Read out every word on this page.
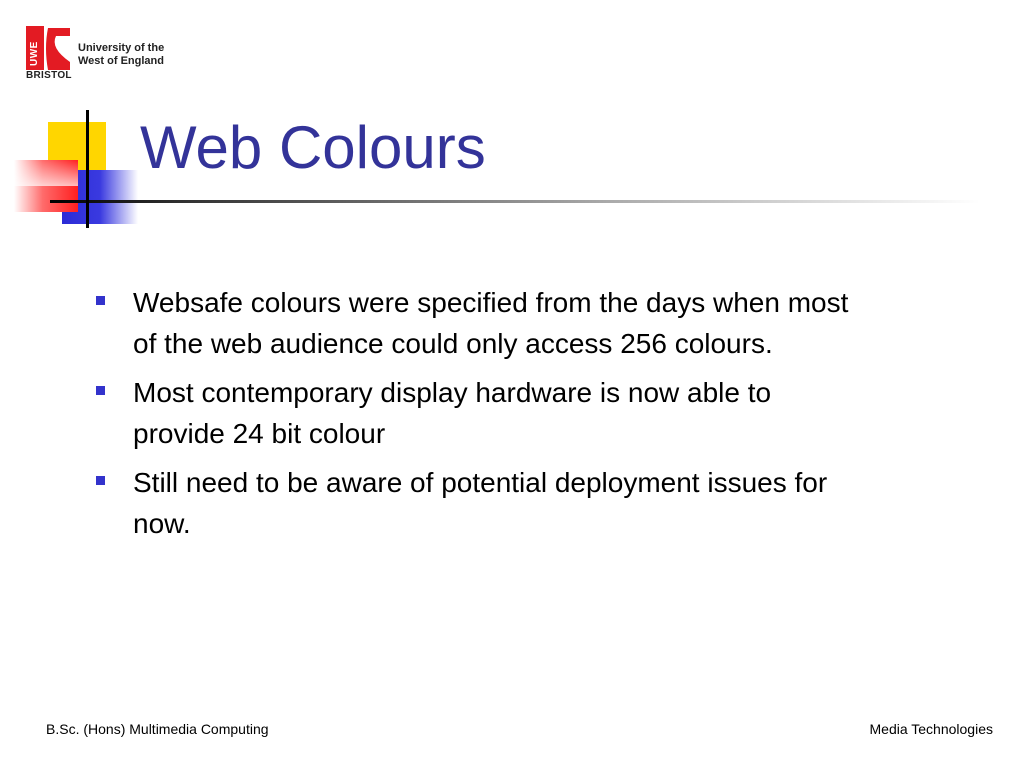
UWE
BRISTOL
University of the
West of England
Web Colours
Websafe colours were specified from the days when most of the web audience could only access 256 colours.
Most contemporary display hardware is now able to provide 24 bit colour
Still need to be aware of potential deployment issues for now.
B.Sc. (Hons) Multimedia Computing	Media Technologies
